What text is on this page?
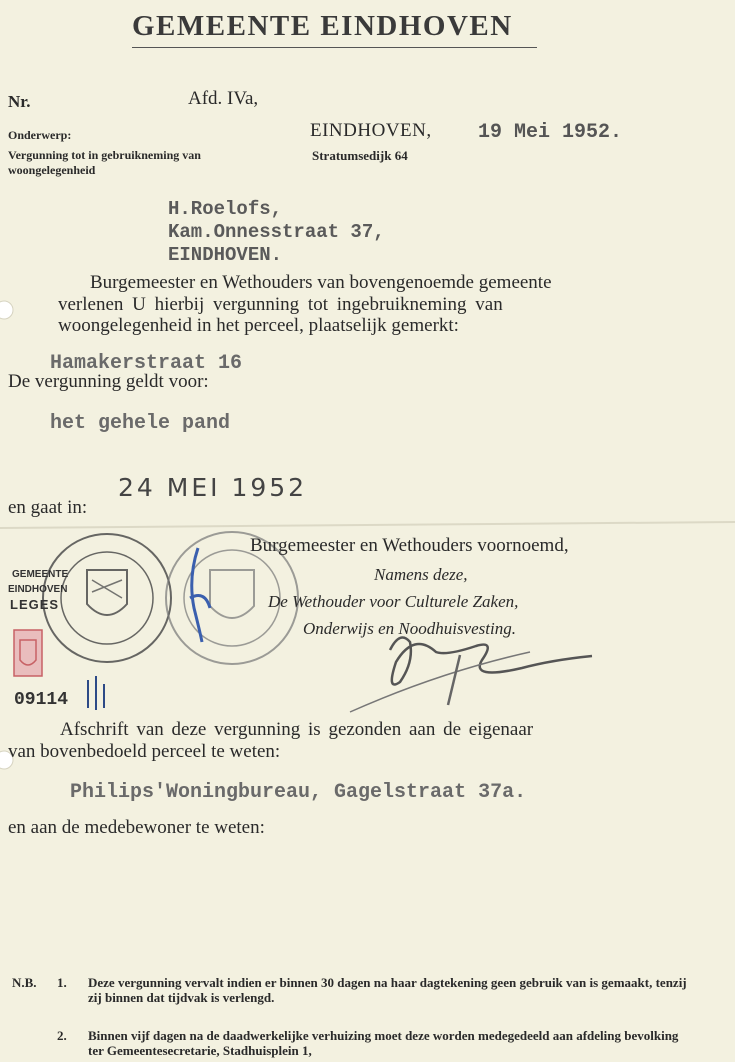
GEMEENTE EINDHOVEN
Nr.	Afd. IVa,
Onderwerp:
Vergunning tot in gebruikneming van woongelegenheid
EINDHOVEN, 19 Mei 1952.
Stratumsedijk 64
H.Roelofs,
Kam.Onnesstraat 37,
EINDHOVEN.
Burgemeester en Wethouders van bovengenoemde gemeente
verlenen U hierbij vergunning tot ingebruikneming van
woongelegenheid in het perceel, plaatselijk gemerkt:
Hamakerstraat 16
De vergunning geldt voor:
het gehele pand
24 MEI 1952
en gaat in:
Burgemeester en Wethouders voornoemd,
Namens deze,
De Wethouder voor Culturele Zaken,
Onderwijs en Noodhuisvesting.
GEMEENTE
EINDHOVEN
LEGES
09114
Afschrift van deze vergunning is gezonden aan de eigenaar
van bovenbedoeld perceel te weten:
Philips'Woningbureau, Gagelstraat 37a.
en aan de medebewoner te weten:
N.B. 1. Deze vergunning vervalt indien er binnen 30 dagen na haar dagtekening geen gebruik van is gemaakt, tenzij zij binnen dat tijdvak is verlengd.
2. Binnen vijf dagen na de daadwerkelijke verhuizing moet deze worden medegedeeld aan afdeling bevolking ter Gemeentesecretarie, Stadhuisplein 1,
